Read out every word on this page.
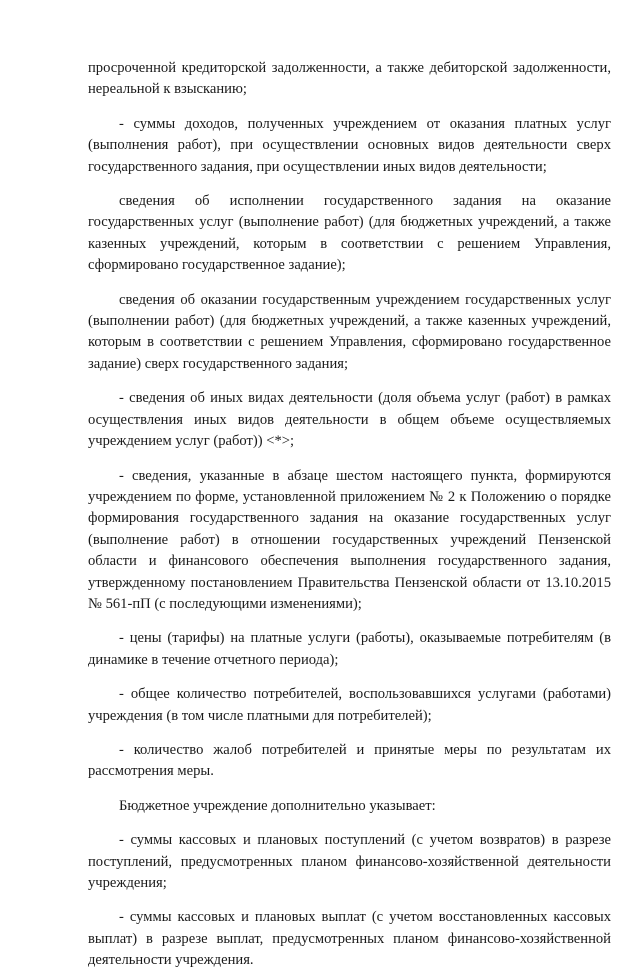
просроченной кредиторской задолженности, а также дебиторской задолженности, нереальной к взысканию;

- суммы доходов, полученных учреждением от оказания платных услуг (выполнения работ), при осуществлении основных видов деятельности сверх государственного задания, при осуществлении иных видов деятельности;

сведения об исполнении государственного задания на оказание государственных услуг (выполнение работ) (для бюджетных учреждений, а также казенных учреждений, которым в соответствии с решением Управления, сформировано государственное задание);

сведения об оказании государственным учреждением государственных услуг (выполнении работ) (для бюджетных учреждений, а также казенных учреждений, которым в соответствии с решением Управления, сформировано государственное задание) сверх государственного задания;

- сведения об иных видах деятельности (доля объема услуг (работ) в рамках осуществления иных видов деятельности в общем объеме осуществляемых учреждением услуг (работ)) <*>;

- сведения, указанные в абзаце шестом настоящего пункта, формируются учреждением по форме, установленной приложением № 2 к Положению о порядке формирования государственного задания на оказание государственных услуг (выполнение работ) в отношении государственных учреждений Пензенской области и финансового обеспечения выполнения государственного задания, утвержденному постановлением Правительства Пензенской области от 13.10.2015 № 561-пП (с последующими изменениями);

- цены (тарифы) на платные услуги (работы), оказываемые потребителям (в динамике в течение отчетного периода);

- общее количество потребителей, воспользовавшихся услугами (работами) учреждения (в том числе платными для потребителей);

- количество жалоб потребителей и принятые меры по результатам их рассмотрения меры.

Бюджетное учреждение дополнительно указывает:

- суммы кассовых и плановых поступлений (с учетом возвратов) в разрезе поступлений, предусмотренных планом финансово-хозяйственной деятельности учреждения;

- суммы кассовых и плановых выплат (с учетом восстановленных кассовых выплат) в разрезе выплат, предусмотренных планом финансово-хозяйственной деятельности учреждения.
